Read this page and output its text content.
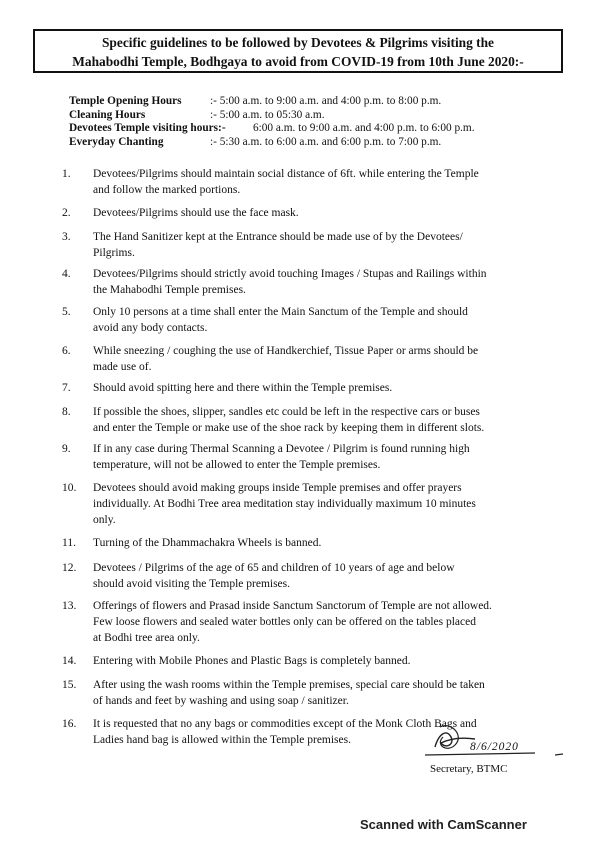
Specific guidelines to be followed by Devotees & Pilgrims visiting the
Mahabodhi Temple, Bodhgaya to avoid from COVID-19 from 10th June 2020:-
Temple Opening Hours	:- 5:00 a.m. to 9:00 a.m. and 4:00 p.m. to 8:00 p.m.
Cleaning Hours	:- 5:00 a.m. to 05:30 a.m.
Devotees Temple visiting hours:- 6:00 a.m. to 9:00 a.m. and 4:00 p.m. to 6:00 p.m.
Everyday Chanting	:- 5:30 a.m. to 6:00 a.m. and 6:00 p.m. to 7:00 p.m.
1.	Devotees/Pilgrims should maintain social distance of 6ft. while entering the Temple
and follow the marked portions.
2.	Devotees/Pilgrims should use the face mask.
3.	The Hand Sanitizer kept at the Entrance should be made use of by the Devotees/
Pilgrims.
4.	Devotees/Pilgrims should strictly avoid touching Images / Stupas and Railings within
the Mahabodhi Temple premises.
5.	Only 10 persons at a time shall enter the Main Sanctum of the Temple and should
avoid any body contacts.
6.	While sneezing / coughing the use of Handkerchief, Tissue Paper or arms should be
made use of.
7.	Should avoid spitting here and there within the Temple premises.
8.	If possible the shoes, slipper, sandles etc could be left in the respective cars or buses
and enter the Temple or make use of the shoe rack by keeping them in different slots.
9.	If in any case during Thermal Scanning a Devotee / Pilgrim is found running high
temperature, will not be allowed to enter the Temple premises.
10.	Devotees should avoid making groups inside Temple premises and offer prayers
individually. At Bodhi Tree area meditation stay individually maximum 10 minutes
only.
11.	Turning of the Dhammachakra Wheels is banned.
12.	Devotees / Pilgrims of the age of 65 and children of 10 years of age and below
should avoid visiting the Temple premises.
13.	Offerings of flowers and Prasad inside Sanctum Sanctorum of Temple are not allowed.
Few loose flowers and sealed water bottles only can be offered on the tables placed
at Bodhi tree area only.
14.	Entering with Mobile Phones and Plastic Bags is completely banned.
15.	After using the wash rooms within the Temple premises, special care should be taken
of hands and feet by washing and using soap / sanitizer.
16.	It is requested that no any bags or commodities except of the Monk Cloth Bags and
Ladies hand bag is allowed within the Temple premises.
8/6/2020
Secretary, BTMC
Scanned with CamScanner
